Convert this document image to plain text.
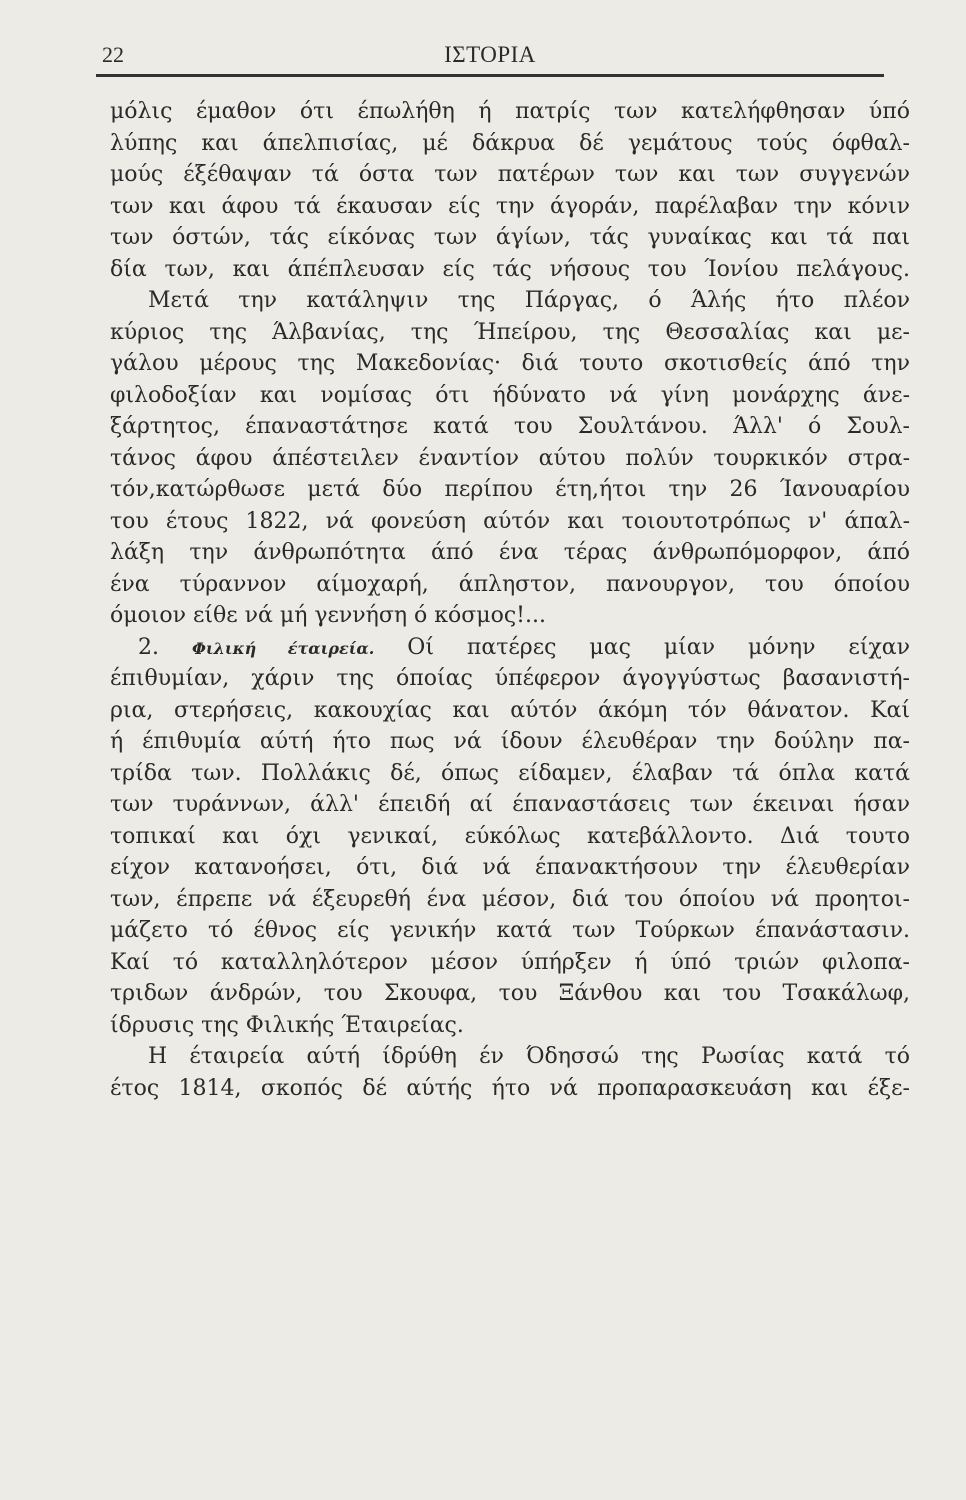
22	ΙΣΤΟΡΙΑ
μόλις έμαθον ότι έπωλήθη ή πατρίς των κατελήφθησαν ύπό
λύπης και άπελπισίας, μέ δάκρυα δέ γεμάτους τούς όφθαλ-
μούς έξέθαψαν τά όστα των πατέρων των και των συγγενών
των και άφου τά έκαυσαν είς την άγοράν, παρέλαβαν την κόνιν
των όστών, τάς είκόνας των άγίων, τάς γυναίκας και τά παι
δία των, και άπέπλευσαν είς τάς νήσους του Ίονίου πελάγους.
Μετά την κατάληψιν της Πάργας, ό Άλής ήτο πλέον
κύριος της Άλβανίας, της Ήπείρου, της Θεσσαλίας και με-
γάλου μέρους της Μακεδονίας· διά τουτο σκοτισθείς άπό την
φιλοδοξίαν και νομίσας ότι ήδύνατο νά γίνη μονάρχης άνε-
ξάρτητος, έπαναστάτησε κατά του Σουλτάνου. Άλλ' ό Σουλ-
τάνος άφου άπέστειλεν έναντίον αύτου πολύν τουρκικόν στρα-
τόν,κατώρθωσε μετά δύο περίπου έτη,ήτοι την 26 Ίανουαρίου
του έτους 1822, νά φονεύση αύτόν και τοιουτοτρόπως ν' άπαλ-
λάξη την άνθρωπότητα άπό ένα τέρας άνθρωπόμορφον, άπό
ένα τύραννον αίμοχαρή, άπληστον, πανουργον, του όποίου
όμοιον είθε νά μή γεννήση ό κόσμος!...
2. Φιλική έταιρεία. Οί πατέρες μας μίαν μόνην είχαν
έπιθυμίαν, χάριν της όποίας ύπέφερον άγογγύστως βασανιστή-
ρια, στερήσεις, κακουχίας και αύτόν άκόμη τόν θάνατον. Καί
ή έπιθυμία αύτή ήτο πως νά ίδουν έλευθέραν την δούλην πα-
τρίδα των. Πολλάκις δέ, όπως είδαμεν, έλαβαν τά όπλα κατά
των τυράννων, άλλ' έπειδή αί έπαναστάσεις των έκειναι ήσαν
τοπικαί και όχι γενικαί, εύκόλως κατεβάλλοντο. Διά τουτο
είχον κατανοήσει, ότι, διά νά έπανακτήσουν την έλευθερίαν
των, έπρεπε νά έξευρεθή ένα μέσον, διά του όποίου νά προητοι-
μάζετο τό έθνος είς γενικήν κατά των Τούρκων έπανάστασιν.
Καί τό καταλληλότερον μέσον ύπήρξεν ή ύπό τριών φιλοπα-
τριδων άνδρών, του Σκουφα, του Ξάνθου και του Τσακάλωφ,
ίδρυσις της Φιλικής Έταιρείας.
Η έταιρεία αύτή ίδρύθη έν Όδησσώ της Ρωσίας κατά τό
έτος 1814, σκοπός δέ αύτής ήτο νά προπαρασκευάση και έξε-
